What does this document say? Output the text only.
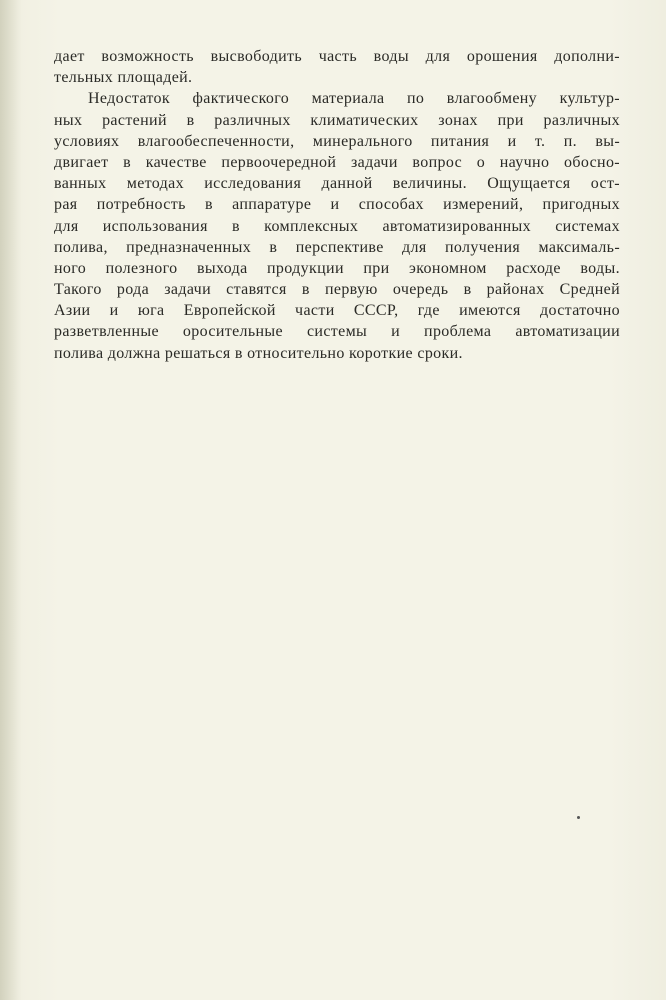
дает возможность высвободить часть воды для орошения дополни-
тельных площадей.
Недостаток фактического материала по влагообмену культур-
ных растений в различных климатических зонах при различных
условиях влагообеспеченности, минерального питания и т. п. вы-
двигает в качестве первоочередной задачи вопрос о научно обосно-
ванных методах исследования данной величины. Ощущается ост-
рая потребность в аппаратуре и способах измерений, пригодных
для использования в комплексных автоматизированных системах
полива, предназначенных в перспективе для получения максималь-
ного полезного выхода продукции при экономном расходе воды.
Такого рода задачи ставятся в первую очередь в районах Средней
Азии и юга Европейской части СССР, где имеются достаточно
разветвленные оросительные системы и проблема автоматизации
полива должна решаться в относительно короткие сроки.
